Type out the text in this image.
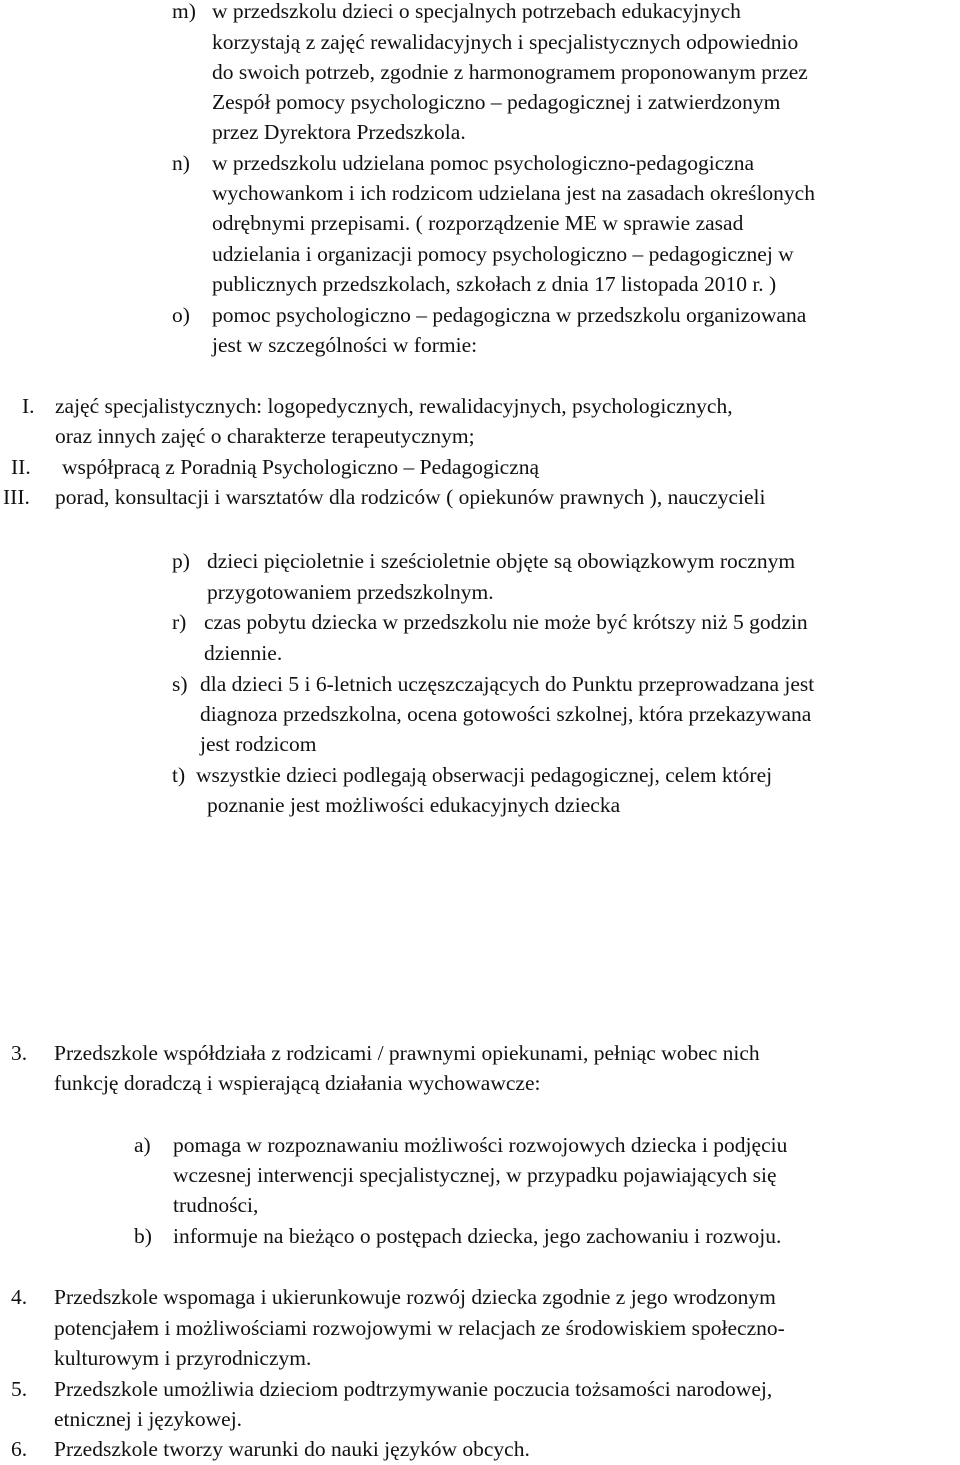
m) w przedszkolu dzieci o specjalnych potrzebach edukacyjnych
korzystają z zajęć rewalidacyjnych i specjalistycznych odpowiednio
do swoich potrzeb, zgodnie z harmonogramem proponowanym przez
Zespół pomocy psychologiczno – pedagogicznej i zatwierdzonym
przez Dyrektora Przedszkola.
n) w przedszkolu udzielana pomoc psychologiczno-pedagogiczna
wychowankom i ich rodzicom udzielana jest na zasadach określonych
odrębnymi przepisami. ( rozporządzenie ME w sprawie zasad
udzielania i organizacji pomocy psychologiczno – pedagogicznej w
publicznych przedszkolach, szkołach z dnia 17 listopada 2010 r. )
o) pomoc psychologiczno – pedagogiczna w przedszkolu organizowana
jest w szczególności w formie:
I. zajęć specjalistycznych: logopedycznych, rewalidacyjnych, psychologicznych,
oraz innych zajęć o charakterze terapeutycznym;
II. współpracą z Poradnią Psychologiczno – Pedagogiczną
III. porad, konsultacji i warsztatów dla rodziców ( opiekunów prawnych ), nauczycieli
p) dzieci pięcioletnie i sześcioletnie objęte są obowiązkowym rocznym
przygotowaniem przedszkolnym.
r) czas pobytu dziecka w przedszkolu nie może być krótszy niż 5 godzin
dziennie.
s) dla dzieci 5 i 6-letnich uczęszczających do Punktu przeprowadzana jest
diagnoza przedszkolna, ocena gotowości szkolnej, która przekazywana
jest rodzicom
t) wszystkie dzieci podlegają obserwacji pedagogicznej, celem której
poznanie jest możliwości edukacyjnych dziecka
3. Przedszkole współdziała z rodzicami / prawnymi opiekunami, pełniąc wobec nich
funkcję doradczą i wspierającą działania wychowawcze:
a) pomaga w rozpoznawaniu możliwości rozwojowych dziecka i podjęciu
wczesnej interwencji specjalistycznej, w przypadku pojawiających się
trudności,
b) informuje na bieżąco o postępach dziecka, jego zachowaniu i rozwoju.
4. Przedszkole wspomaga i ukierunkowuje rozwój dziecka zgodnie z jego wrodzonym
potencjałem i możliwościami rozwojowymi w relacjach ze środowiskiem społeczno-
kulturowym i przyrodniczym.
5. Przedszkole umożliwia dzieciom podtrzymywanie poczucia tożsamości narodowej,
etnicznej i językowej.
6. Przedszkole tworzy warunki do nauki języków obcych.
